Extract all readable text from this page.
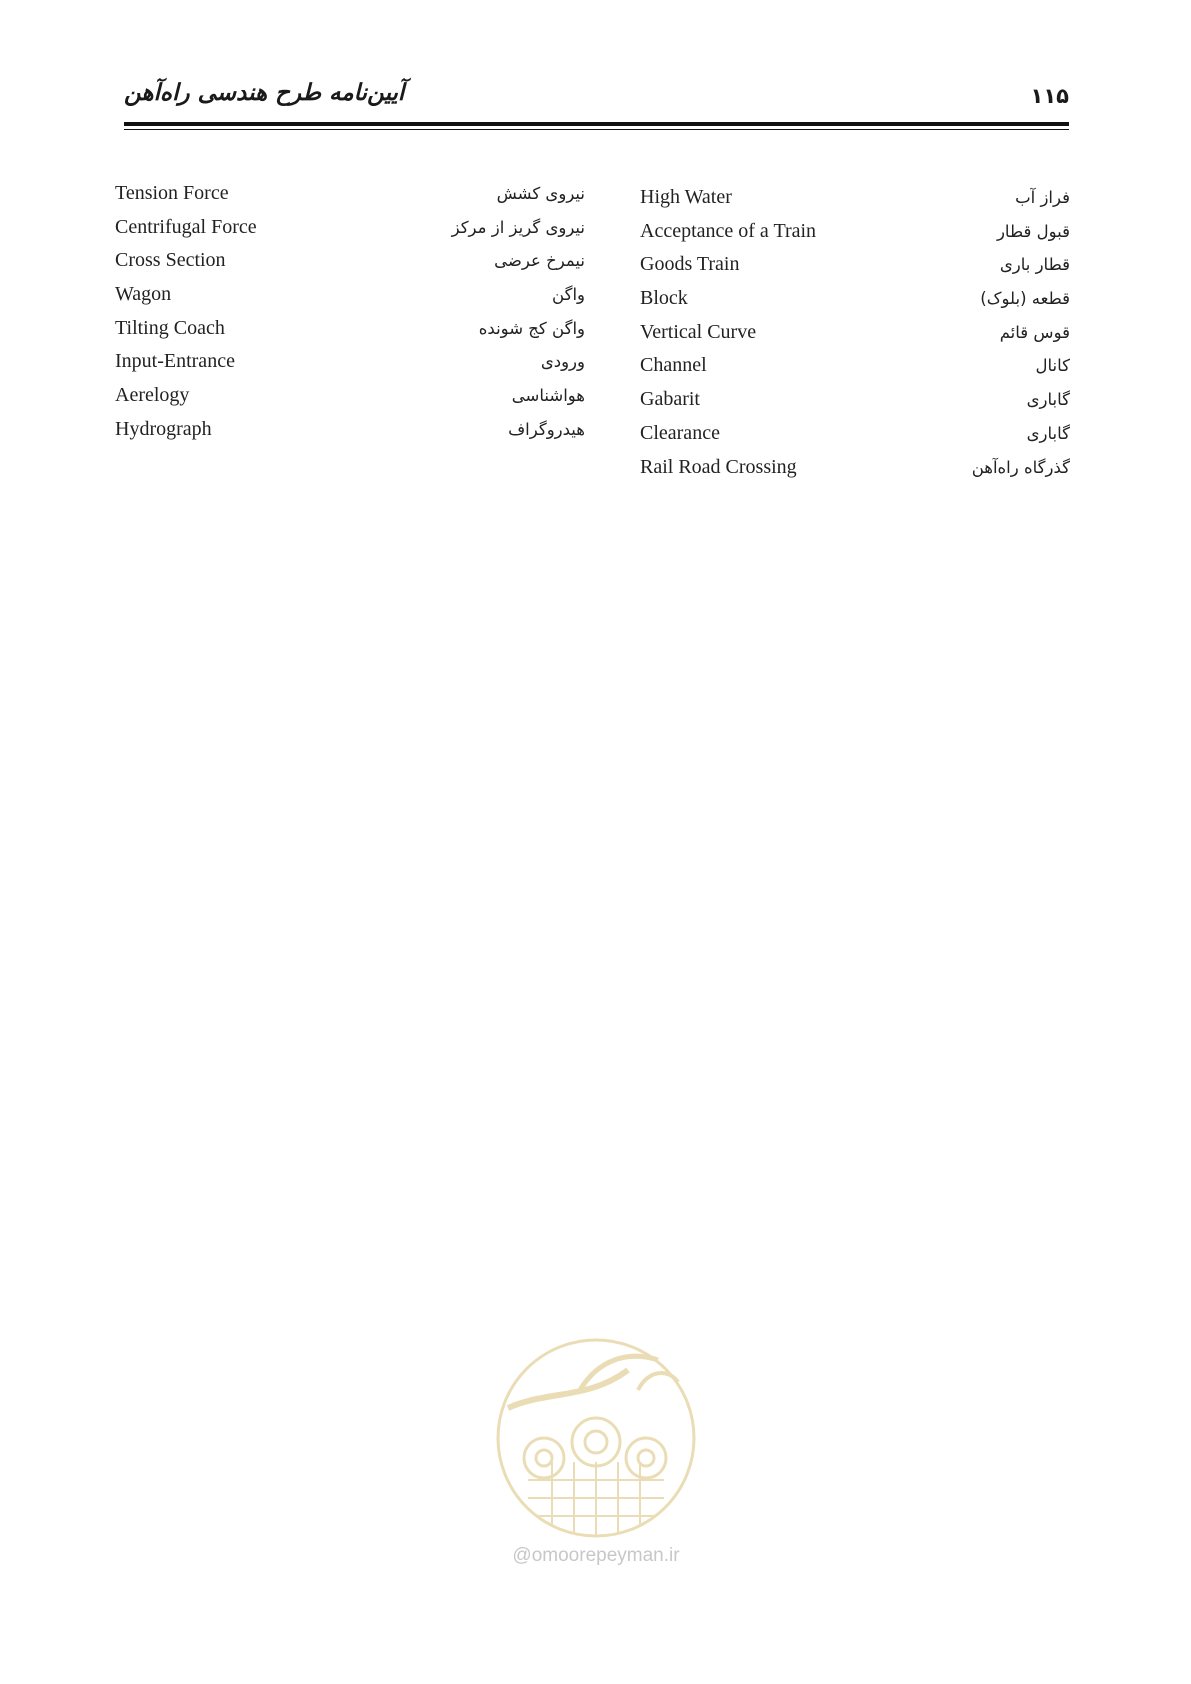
آیین‌نامه طرح هندسی راه‌آهن	۱۱۵
Tension Force	نیروی کشش
Centrifugal Force	نیروی گریز از مرکز
Cross Section	نیمرخ عرضی
Wagon	واگن
Tilting Coach	واگن کج شونده
Input-Entrance	ورودی
Aerelogy	هواشناسی
Hydrograph	هیدروگراف
High Water	فراز آب
Acceptance of a Train	قبول قطار
Goods Train	قطار باری
Block	قطعه (بلوک)
Vertical Curve	قوس قائم
Channel	کانال
Gabarit	گاباری
Clearance	گاباری
Rail Road Crossing	گذرگاه راه‌آهن
@omoorepeyman.ir
